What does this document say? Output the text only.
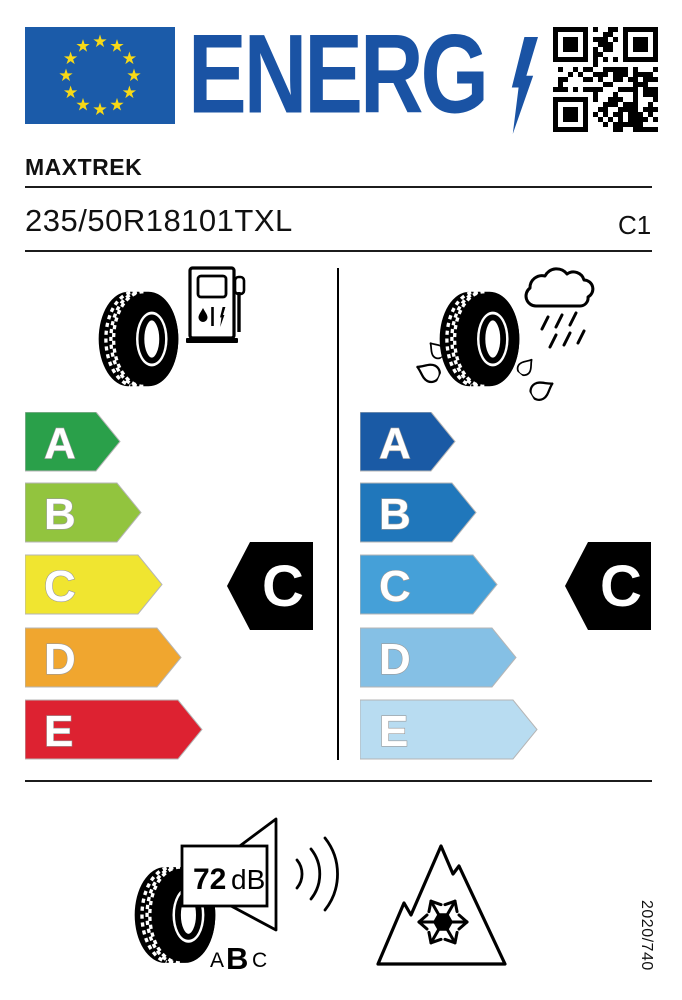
ENERG
MAXTREK
235/50R18101TXL	C1
A
B
C
D
E
C
A
B
C
D
E
C
72 dB
A B C	2020/740
